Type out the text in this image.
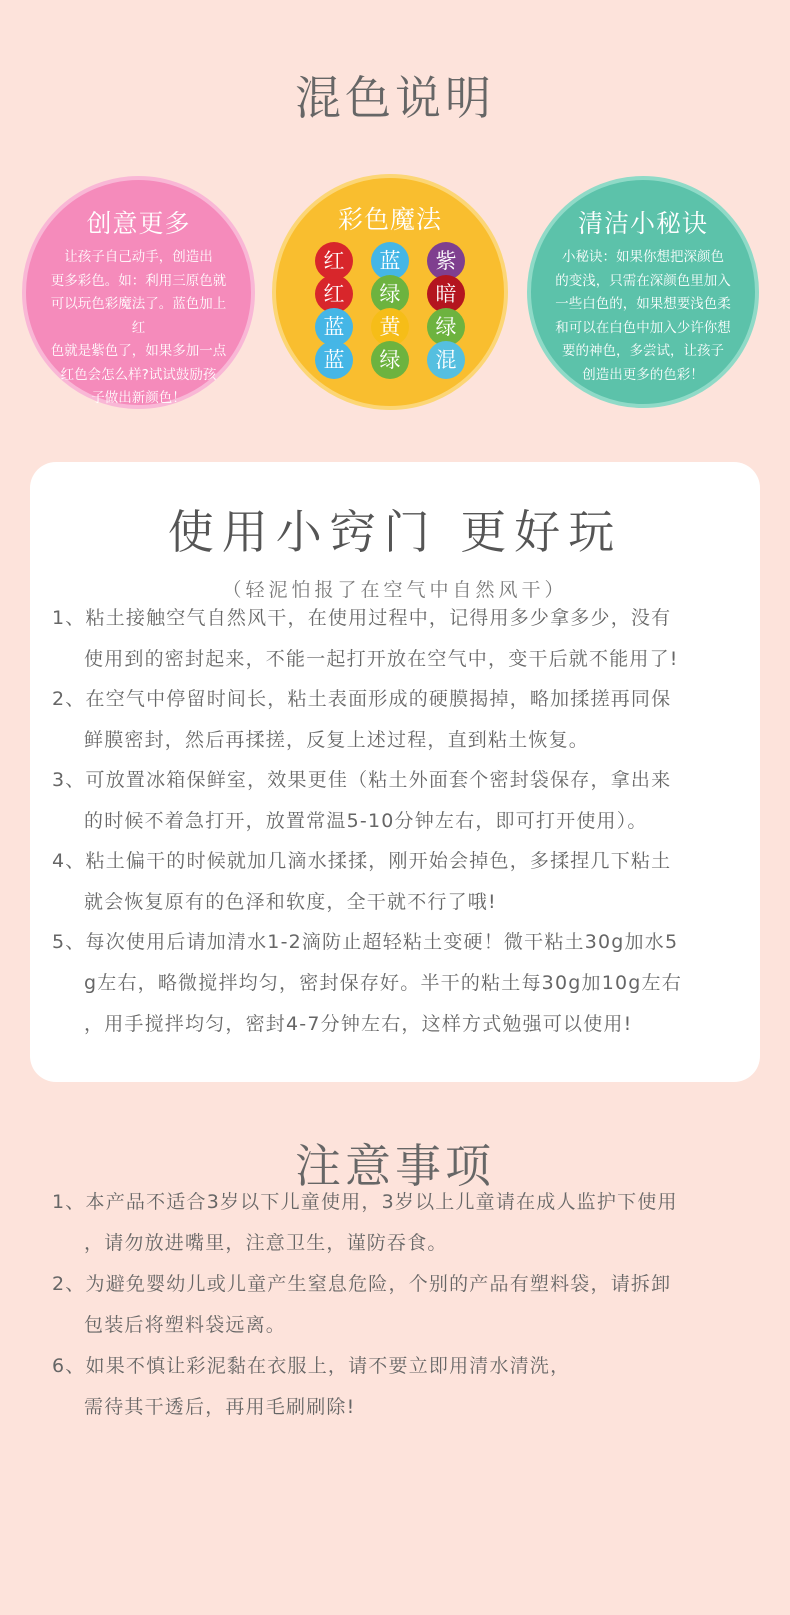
混色说明
创意更多
让孩子自己动手，创造出
更多彩色。如：利用三原色就
可以玩色彩魔法了。蓝色加上红
色就是紫色了，如果多加一点
红色会怎么样?试试鼓励孩
子做出新颜色！
彩色魔法
红	蓝	紫
红	绿	暗
蓝	黄	绿
蓝	绿	混
清洁小秘诀
小秘诀：如果你想把深颜色
的变浅，只需在深颜色里加入
一些白色的，如果想要浅色柔
和可以在白色中加入少许你想
要的神色，多尝试，让孩子
创造出更多的色彩！
使用小窍门 更好玩
（轻泥怕报了在空气中自然风干）
1、粘土接触空气自然风干，在使用过程中，记得用多少拿多少，没有
使用到的密封起来，不能一起打开放在空气中，变干后就不能用了!
2、在空气中停留时间长，粘土表面形成的硬膜揭掉，略加揉搓再同保
鲜膜密封，然后再揉搓，反复上述过程，直到粘土恢复。
3、可放置冰箱保鲜室，效果更佳（粘土外面套个密封袋保存，拿出来
的时候不着急打开，放置常温5-10分钟左右，即可打开使用）。
4、粘土偏干的时候就加几滴水揉揉，刚开始会掉色，多揉捏几下粘土
就会恢复原有的色泽和软度，全干就不行了哦!
5、每次使用后请加清水1-2滴防止超轻粘土变硬！微干粘土30g加水5
g左右，略微搅拌均匀，密封保存好。半干的粘土每30g加10g左右
，用手搅拌均匀，密封4-7分钟左右，这样方式勉强可以使用!
注意事项
1、本产品不适合3岁以下儿童使用，3岁以上儿童请在成人监护下使用
，请勿放进嘴里，注意卫生，谨防吞食。
2、为避免婴幼儿或儿童产生窒息危险，个别的产品有塑料袋，请拆卸
包装后将塑料袋远离。
6、如果不慎让彩泥黏在衣服上，请不要立即用清水清洗，
需待其干透后，再用毛刷刷除!
